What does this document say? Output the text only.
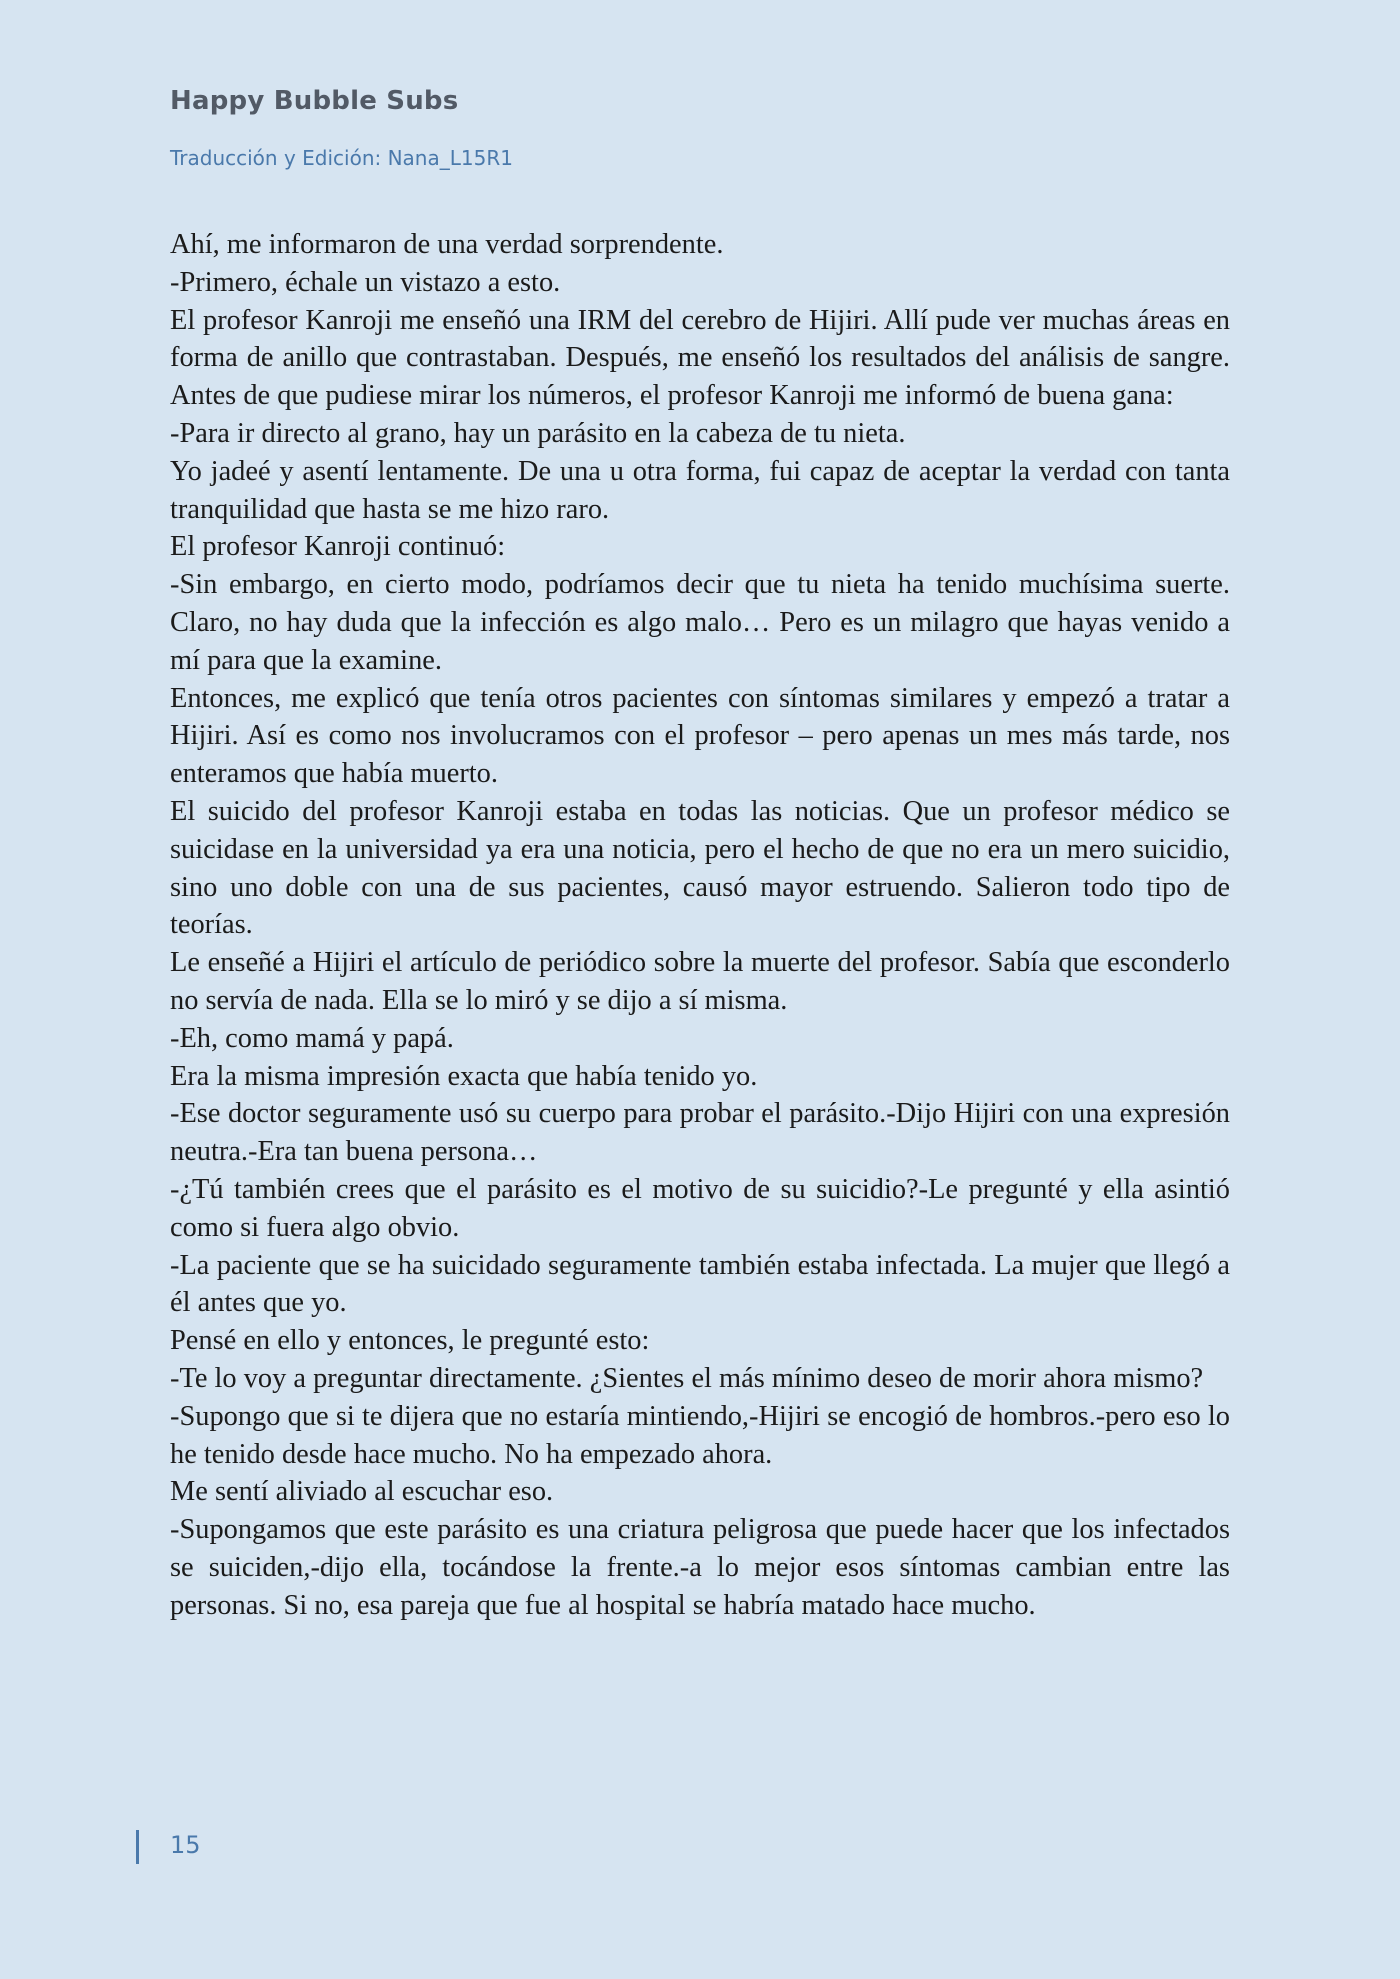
Happy Bubble Subs
Traducción y Edición: Nana_L15R1

Ahí, me informaron de una verdad sorprendente.

-Primero, échale un vistazo a esto.

El profesor Kanroji me enseñó una IRM del cerebro de Hijiri. Allí pude ver muchas áreas en forma de anillo que contrastaban. Después, me enseñó los resultados del análisis de sangre. Antes de que pudiese mirar los números, el profesor Kanroji me informó de buena gana:

-Para ir directo al grano, hay un parásito en la cabeza de tu nieta.

Yo jadeé y asentí lentamente. De una u otra forma, fui capaz de aceptar la verdad con tanta tranquilidad que hasta se me hizo raro.

El profesor Kanroji continuó:

-Sin embargo, en cierto modo, podríamos decir que tu nieta ha tenido muchísima suerte. Claro, no hay duda que la infección es algo malo… Pero es un milagro que hayas venido a mí para que la examine.

Entonces, me explicó que tenía otros pacientes con síntomas similares y empezó a tratar a Hijiri. Así es como nos involucramos con el profesor – pero apenas un mes más tarde, nos enteramos que había muerto.

El suicido del profesor Kanroji estaba en todas las noticias. Que un profesor médico se suicidase en la universidad ya era una noticia, pero el hecho de que no era un mero suicidio, sino uno doble con una de sus pacientes, causó mayor estruendo. Salieron todo tipo de teorías.

Le enseñé a Hijiri el artículo de periódico sobre la muerte del profesor. Sabía que esconderlo no servía de nada. Ella se lo miró y se dijo a sí misma.

-Eh, como mamá y papá.

Era la misma impresión exacta que había tenido yo.

-Ese doctor seguramente usó su cuerpo para probar el parásito.-Dijo Hijiri con una expresión neutra.-Era tan buena persona…

-¿Tú también crees que el parásito es el motivo de su suicidio?-Le pregunté y ella asintió como si fuera algo obvio.

-La paciente que se ha suicidado seguramente también estaba infectada. La mujer que llegó a él antes que yo.

Pensé en ello y entonces, le pregunté esto:

-Te lo voy a preguntar directamente. ¿Sientes el más mínimo deseo de morir ahora mismo?

-Supongo que si te dijera que no estaría mintiendo,-Hijiri se encogió de hombros.-pero eso lo he tenido desde hace mucho. No ha empezado ahora.

Me sentí aliviado al escuchar eso.

-Supongamos que este parásito es una criatura peligrosa que puede hacer que los infectados se suiciden,-dijo ella, tocándose la frente.-a lo mejor esos síntomas cambian entre las personas. Si no, esa pareja que fue al hospital se habría matado hace mucho.

15
